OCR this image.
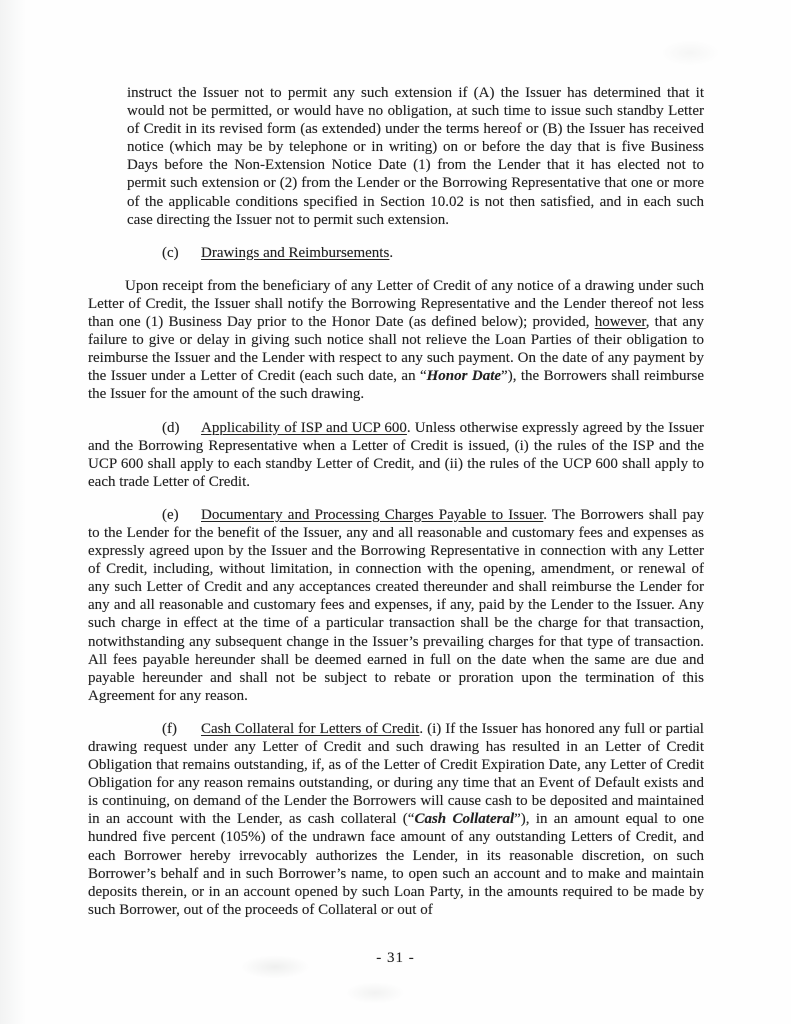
instruct the Issuer not to permit any such extension if (A) the Issuer has determined that it would not be permitted, or would have no obligation, at such time to issue such standby Letter of Credit in its revised form (as extended) under the terms hereof or (B) the Issuer has received notice (which may be by telephone or in writing) on or before the day that is five Business Days before the Non-Extension Notice Date (1) from the Lender that it has elected not to permit such extension or (2) from the Lender or the Borrowing Representative that one or more of the applicable conditions specified in Section 10.02 is not then satisfied, and in each such case directing the Issuer not to permit such extension.

(c) Drawings and Reimbursements.

Upon receipt from the beneficiary of any Letter of Credit of any notice of a drawing under such Letter of Credit, the Issuer shall notify the Borrowing Representative and the Lender thereof not less than one (1) Business Day prior to the Honor Date (as defined below); provided, however, that any failure to give or delay in giving such notice shall not relieve the Loan Parties of their obligation to reimburse the Issuer and the Lender with respect to any such payment. On the date of any payment by the Issuer under a Letter of Credit (each such date, an “Honor Date”), the Borrowers shall reimburse the Issuer for the amount of the such drawing.

(d) Applicability of ISP and UCP 600. Unless otherwise expressly agreed by the Issuer and the Borrowing Representative when a Letter of Credit is issued, (i) the rules of the ISP and the UCP 600 shall apply to each standby Letter of Credit, and (ii) the rules of the UCP 600 shall apply to each trade Letter of Credit.

(e) Documentary and Processing Charges Payable to Issuer. The Borrowers shall pay to the Lender for the benefit of the Issuer, any and all reasonable and customary fees and expenses as expressly agreed upon by the Issuer and the Borrowing Representative in connection with any Letter of Credit, including, without limitation, in connection with the opening, amendment, or renewal of any such Letter of Credit and any acceptances created thereunder and shall reimburse the Lender for any and all reasonable and customary fees and expenses, if any, paid by the Lender to the Issuer. Any such charge in effect at the time of a particular transaction shall be the charge for that transaction, notwithstanding any subsequent change in the Issuer’s prevailing charges for that type of transaction. All fees payable hereunder shall be deemed earned in full on the date when the same are due and payable hereunder and shall not be subject to rebate or proration upon the termination of this Agreement for any reason.

(f) Cash Collateral for Letters of Credit. (i) If the Issuer has honored any full or partial drawing request under any Letter of Credit and such drawing has resulted in an Letter of Credit Obligation that remains outstanding, if, as of the Letter of Credit Expiration Date, any Letter of Credit Obligation for any reason remains outstanding, or during any time that an Event of Default exists and is continuing, on demand of the Lender the Borrowers will cause cash to be deposited and maintained in an account with the Lender, as cash collateral (“Cash Collateral”), in an amount equal to one hundred five percent (105%) of the undrawn face amount of any outstanding Letters of Credit, and each Borrower hereby irrevocably authorizes the Lender, in its reasonable discretion, on such Borrower’s behalf and in such Borrower’s name, to open such an account and to make and maintain deposits therein, or in an account opened by such Loan Party, in the amounts required to be made by such Borrower, out of the proceeds of Collateral or out of

- 31 -
